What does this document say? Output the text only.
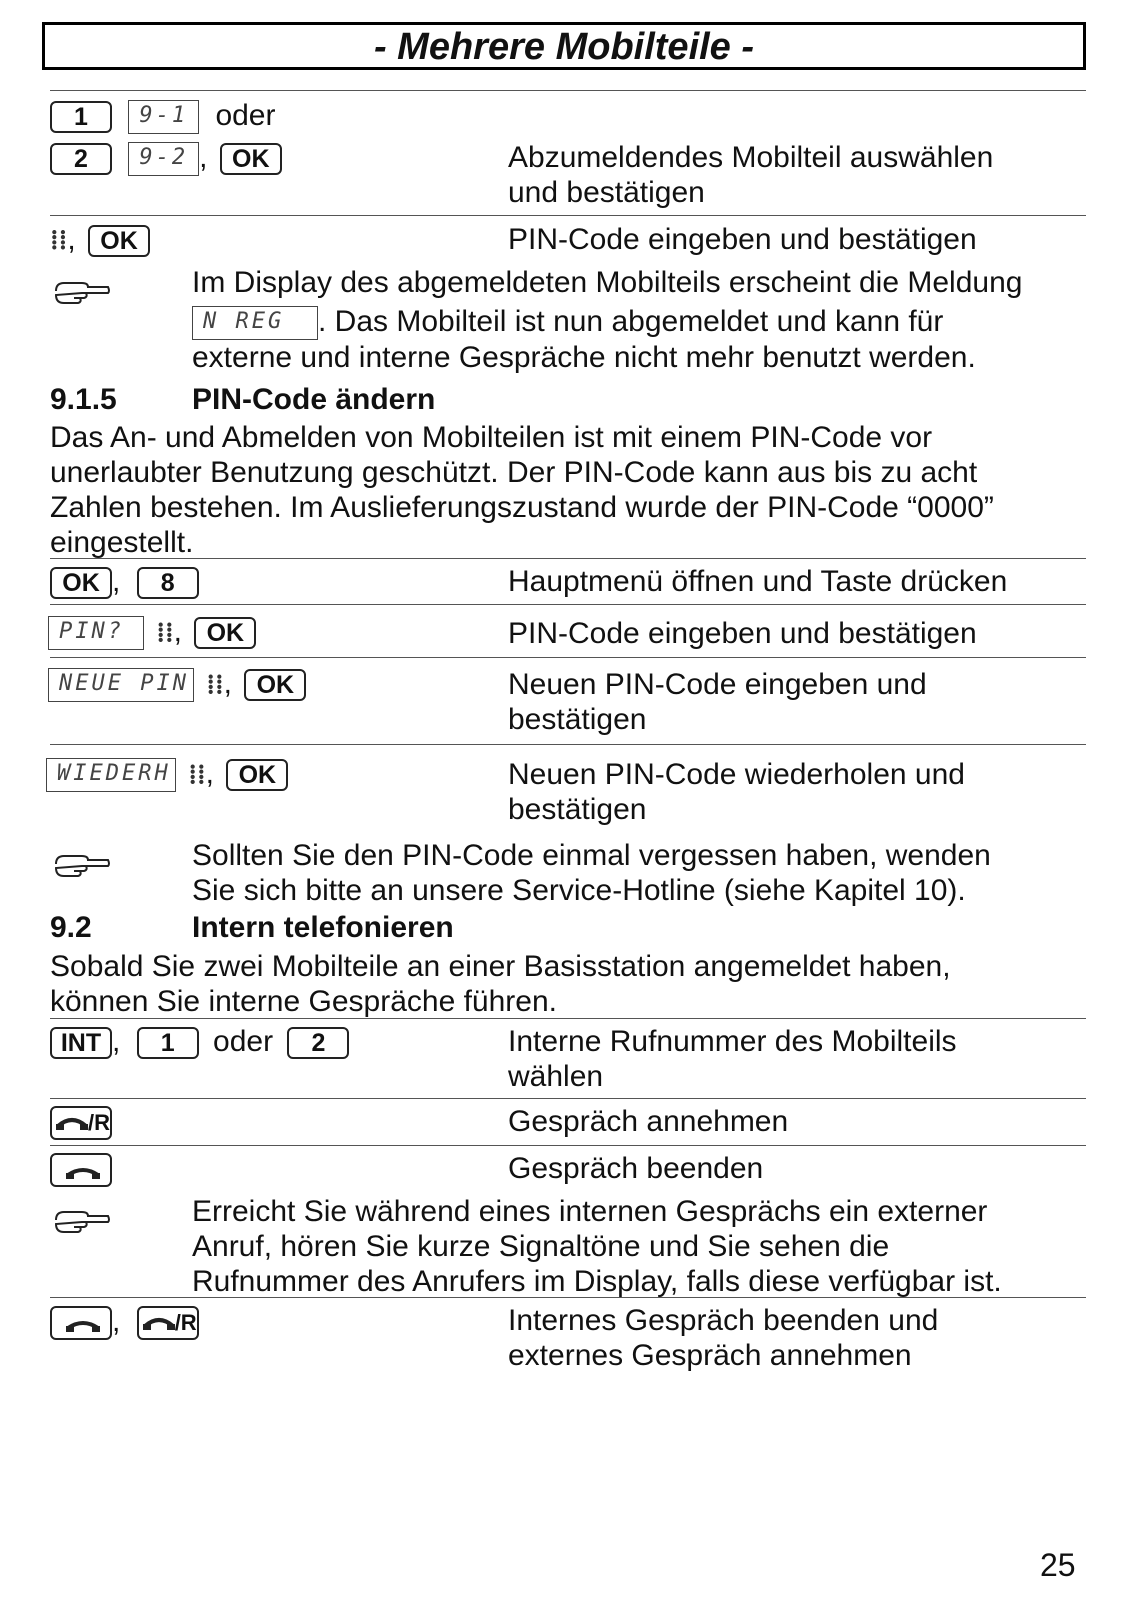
- Mehrere Mobilteile -
1 9-1 oder
2 9-2 , OK	Abzumeldendes Mobilteil auswählen
und bestätigen
⁞⁞, OK	PIN-Code eingeben und bestätigen
Im Display des abgemeldeten Mobilteils erscheint die Meldung
N REG . Das Mobilteil ist nun abgemeldet und kann für
externe und interne Gespräche nicht mehr benutzt werden.
9.1.5	PIN-Code ändern
Das An- und Abmelden von Mobilteilen ist mit einem PIN-Code vor
unerlaubter Benutzung geschützt. Der PIN-Code kann aus bis zu acht
Zahlen bestehen. Im Auslieferungszustand wurde der PIN-Code “0000”
eingestellt.
OK , 8	Hauptmenü öffnen und Taste drücken
PIN? ⁞⁞, OK	PIN-Code eingeben und bestätigen
NEUE PIN ⁞⁞, OK	Neuen PIN-Code eingeben und
bestätigen
WIEDERH ⁞⁞, OK	Neuen PIN-Code wiederholen und
bestätigen
Sollten Sie den PIN-Code einmal vergessen haben, wenden
Sie sich bitte an unsere Service-Hotline (siehe Kapitel 10).
9.2	Intern telefonieren
Sobald Sie zwei Mobilteile an einer Basisstation angemeldet haben,
können Sie interne Gespräche führen.
INT , 1 oder 2	Interne Rufnummer des Mobilteils
wählen
/R	Gespräch annehmen
Gespräch beenden
Erreicht Sie während eines internen Gesprächs ein externer
Anruf, hören Sie kurze Signaltöne und Sie sehen die
Rufnummer des Anrufers im Display, falls diese verfügbar ist.
, /R	Internes Gespräch beenden und
externes Gespräch annehmen
25
